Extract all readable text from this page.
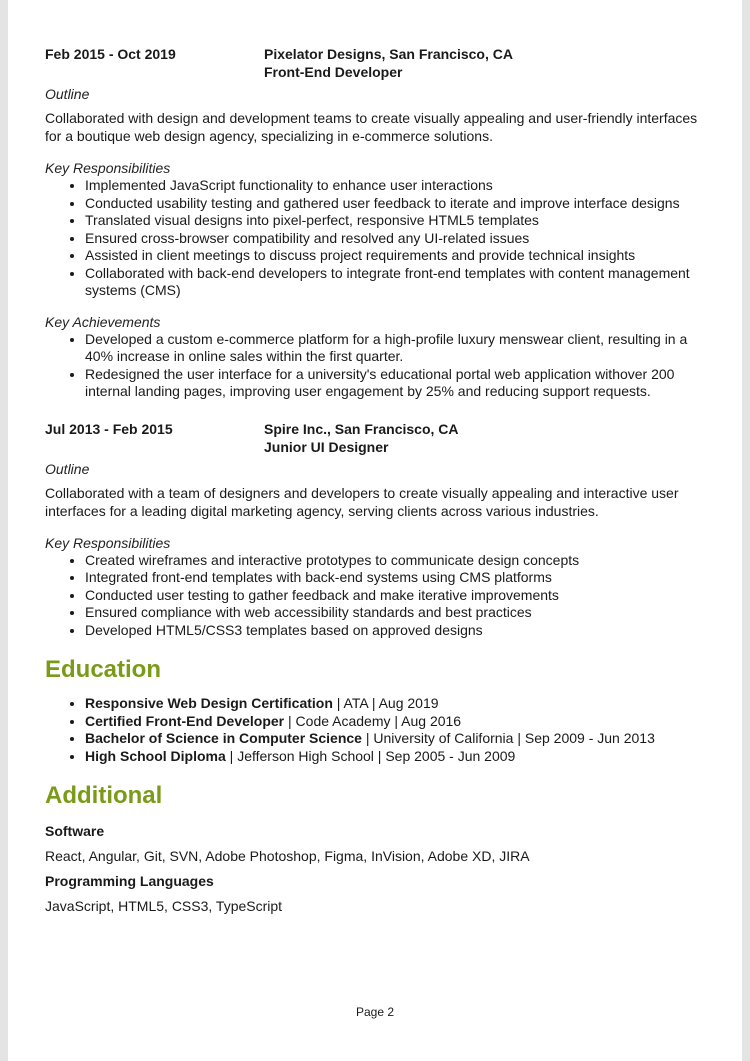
Feb 2015 - Oct 2019	Pixelator Designs, San Francisco, CA
Front-End Developer
Outline

Collaborated with design and development teams to create visually appealing and user-friendly interfaces for a boutique web design agency, specializing in e-commerce solutions.

Key Responsibilities
• Implemented JavaScript functionality to enhance user interactions
• Conducted usability testing and gathered user feedback to iterate and improve interface designs
• Translated visual designs into pixel-perfect, responsive HTML5 templates
• Ensured cross-browser compatibility and resolved any UI-related issues
• Assisted in client meetings to discuss project requirements and provide technical insights
• Collaborated with back-end developers to integrate front-end templates with content management systems (CMS)
Key Achievements
• Developed a custom e-commerce platform for a high-profile luxury menswear client, resulting in a 40% increase in online sales within the first quarter.
• Redesigned the user interface for a university's educational portal web application withover 200 internal landing pages, improving user engagement by 25% and reducing support requests.
Jul 2013 - Feb 2015	Spire Inc., San Francisco, CA
Junior UI Designer
Outline

Collaborated with a team of designers and developers to create visually appealing and interactive user interfaces for a leading digital marketing agency, serving clients across various industries.

Key Responsibilities
• Created wireframes and interactive prototypes to communicate design concepts
• Integrated front-end templates with back-end systems using CMS platforms
• Conducted user testing to gather feedback and make iterative improvements
• Ensured compliance with web accessibility standards and best practices
• Developed HTML5/CSS3 templates based on approved designs
Education
• Responsive Web Design Certification | ATA | Aug 2019
• Certified Front-End Developer | Code Academy | Aug 2016
• Bachelor of Science in Computer Science | University of California | Sep 2009 - Jun 2013
• High School Diploma | Jefferson High School | Sep 2005 - Jun 2009
Additional
Software

React, Angular, Git, SVN, Adobe Photoshop, Figma, InVision, Adobe XD, JIRA

Programming Languages

JavaScript, HTML5, CSS3, TypeScript

Page 2
